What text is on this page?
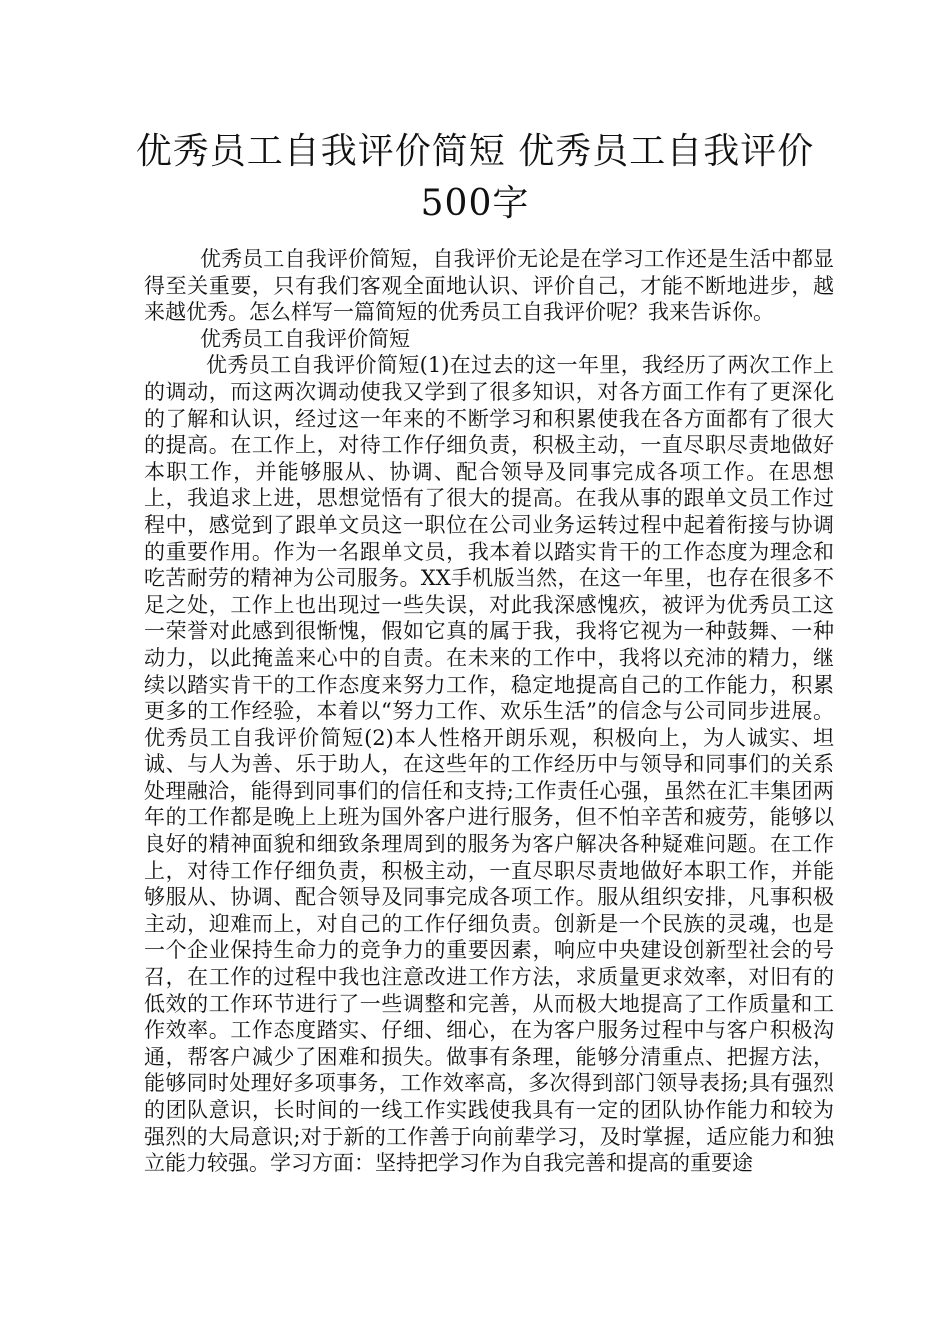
优秀员工自我评价简短 优秀员工自我评价
500字

优秀员工自我评价简短，自我评价无论是在学习工作还是生活中都显得至关重要，只有我们客观全面地认识、评价自己，才能不断地进步，越来越优秀。怎么样写一篇简短的优秀员工自我评价呢？我来告诉你。

优秀员工自我评价简短

优秀员工自我评价简短(1)在过去的这一年里，我经历了两次工作上的调动，而这两次调动使我又学到了很多知识，对各方面工作有了更深化的了解和认识，经过这一年来的不断学习和积累使我在各方面都有了很大的提高。在工作上，对待工作仔细负责，积极主动，一直尽职尽责地做好本职工作，并能够服从、协调、配合领导及同事完成各项工作。在思想上，我追求上进，思想觉悟有了很大的提高。在我从事的跟单文员工作过程中，感觉到了跟单文员这一职位在公司业务运转过程中起着衔接与协调的重要作用。作为一名跟单文员，我本着以踏实肯干的工作态度为理念和吃苦耐劳的精神为公司服务。XX手机版当然，在这一年里，也存在很多不足之处，工作上也出现过一些失误，对此我深感愧疚，被评为优秀员工这一荣誉对此感到很惭愧，假如它真的属于我，我将它视为一种鼓舞、一种动力，以此掩盖来心中的自责。在未来的工作中，我将以充沛的精力，继续以踏实肯干的工作态度来努力工作，稳定地提高自己的工作能力，积累更多的工作经验，本着以“努力工作、欢乐生活”的信念与公司同步进展。优秀员工自我评价简短(2)本人性格开朗乐观，积极向上，为人诚实、坦诚、与人为善、乐于助人，在这些年的工作经历中与领导和同事们的关系处理融洽，能得到同事们的信任和支持;工作责任心强，虽然在汇丰集团两年的工作都是晚上上班为国外客户进行服务，但不怕辛苦和疲劳，能够以良好的精神面貌和细致条理周到的服务为客户解决各种疑难问题。在工作上，对待工作仔细负责，积极主动，一直尽职尽责地做好本职工作，并能够服从、协调、配合领导及同事完成各项工作。服从组织安排，凡事积极主动，迎难而上，对自己的工作仔细负责。创新是一个民族的灵魂，也是一个企业保持生命力的竞争力的重要因素，响应中央建设创新型社会的号召，在工作的过程中我也注意改进工作方法，求质量更求效率，对旧有的低效的工作环节进行了一些调整和完善，从而极大地提高了工作质量和工作效率。工作态度踏实、仔细、细心，在为客户服务过程中与客户积极沟通，帮客户减少了困难和损失。做事有条理，能够分清重点、把握方法，能够同时处理好多项事务，工作效率高，多次得到部门领导表扬;具有强烈的团队意识，长时间的一线工作实践使我具有一定的团队协作能力和较为强烈的大局意识;对于新的工作善于向前辈学习，及时掌握，适应能力和独立能力较强。学习方面：坚持把学习作为自我完善和提高的重要途
